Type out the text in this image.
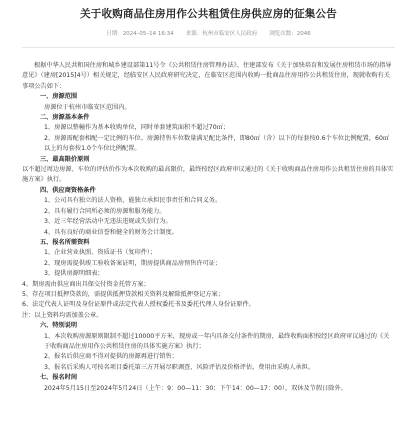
关于收购商品住房用作公共租赁住房供应房的征集公告
日期：2024–05–14 16:34 来源：杭州市临安区人民政府 浏览次数：2046

根据中华人民共和国住房和城乡建设部第11号令《公共租赁住房管理办法》、住建部发布《关于加快培育和发展住房租赁市场的指导意见》（建房[2015]4号）相关规定，经临安区人民政府研究决定，在临安区范围内收购一批商品住房用作公共租赁住房，现就收购有关事项公告如下：

一、房源范围

房源位于杭州市临安区范围内。

二、房源基本条件

1、房源以整幢作为基本收购单位，同时单套建筑面积不超过70㎡；

2、房源需配套相配一定比例的车位。房源持售车位数量满足配比条件，即80㎡（含）以下的每套按0.6个车位比例配置，60㎡以上的每套按1.0个车位比例配置。

三、最高限价原则

以不超过周边房源、车位的评估价作为本次收购的最高限价，最终按经区政府审议通过的《关于收购商品住房用作公共租赁住房的具体实施方案》执行。

四、供应商资格条件

1、公司具有独立的法人资格，能独立承担民事责任和合同义务。

2、具有履行合同所必须的房源和服务能力。

3、近三年经营活动中无违法违规或失信行为。

4、具有良好的商业信誉和健全的财务会计制度。

五、报名所需资料

1、企业营业执照、资质证书（复印件）；

2、现房需提供竣工验收备案证明，期房提供商品房预售许可证；

3、提供房源明细表；

4、期房需由供应商出具保交付资金托管方案；

5、存在项目抵押贷款的，需提供抵押贷款相关资料及解除抵押登记方案；

6、法定代表人证明及身份证原件或法定代表人授权委托书及委托代理人身份证原件。

注：以上资料均需加盖公章。

六、特别说明

1、本次收购房源原则限制不超过10000平方米，现房或一年内具备交付条件的期房，最终收购面积按经区政府审议通过的《关于收购商品住房用作公共租赁住房的具体实施方案》执行；

2、报名后供应商不得对提供的房源再进行销售；

3、报名后采购人可按名项目委托第三方开展尽职调查、风险评估及价格评估，费用由采购人承担。

七、报名时间

2024年5月15日至2024年5月24日（上午：9：00—11：30；下午14：00—17：00），双休及节假日除外。
